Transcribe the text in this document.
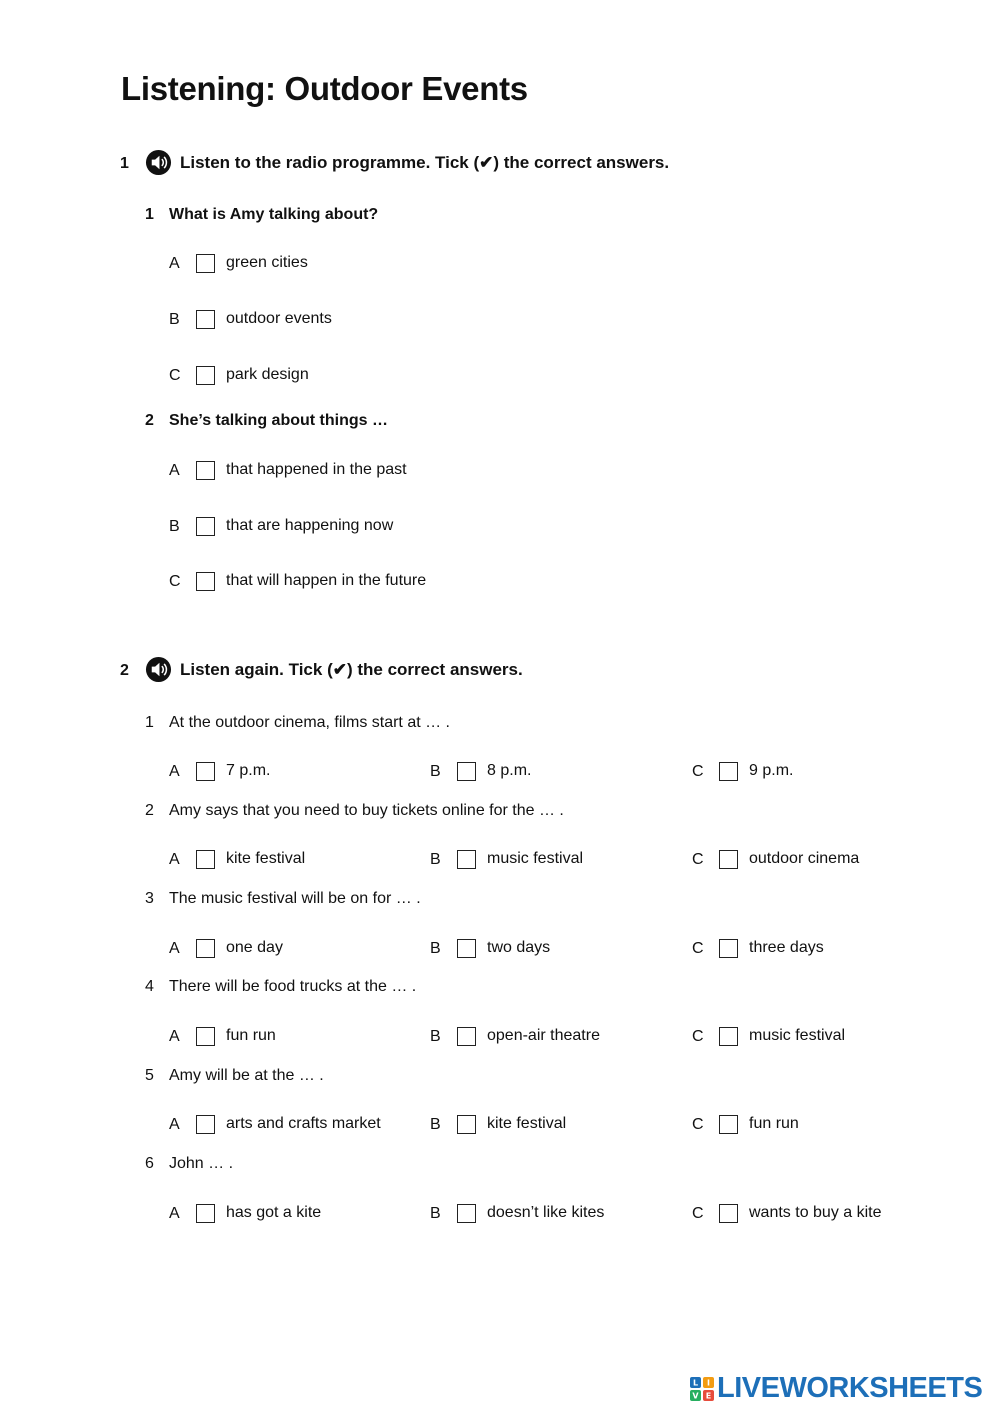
Listening: Outdoor Events
1	Listen to the radio programme. Tick (✔) the correct answers.
1 What is Amy talking about?
A	green cities
B	outdoor events
C	park design
2 She’s talking about things …
A	that happened in the past
B	that are happening now
C	that will happen in the future
2	Listen again. Tick (✔) the correct answers.
1 At the outdoor cinema, films start at … .
A	7 p.m.	B	8 p.m.	C	9 p.m.
2 Amy says that you need to buy tickets online for the … .
A	kite festival	B	music festival	C	outdoor cinema
3 The music festival will be on for … .
A	one day	B	two days	C	three days
4 There will be food trucks at the … .
A	fun run	B	open-air theatre	C	music festival
5 Amy will be at the … .
A	arts and crafts market	B	kite festival	C	fun run
6 John … .
A	has got a kite	B	doesn’t like kites	C	wants to buy a kite
L I
V E LIVEWORKSHEETS
